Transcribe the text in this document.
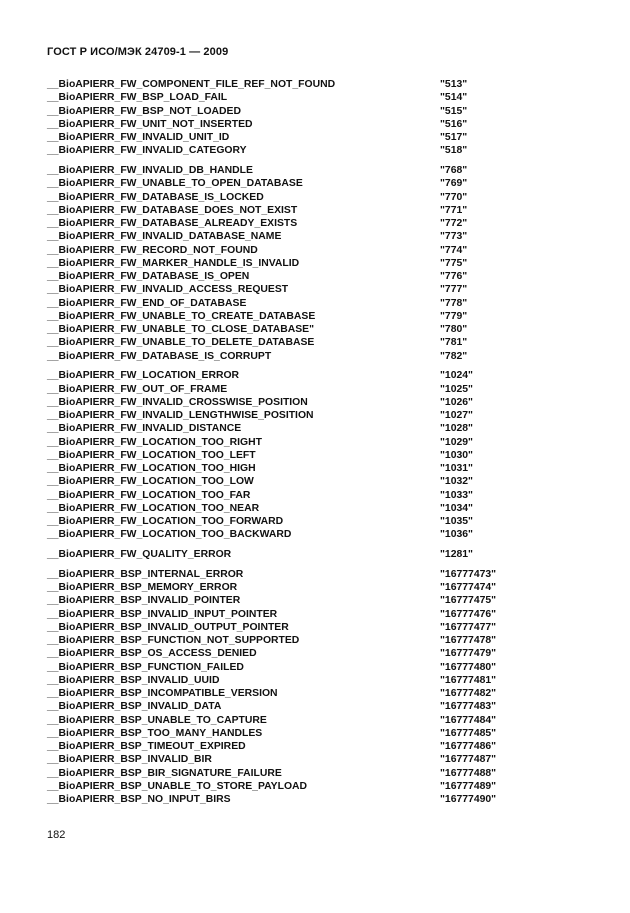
ГОСТ Р ИСО/МЭК 24709-1 — 2009
__BioAPIERR_FW_COMPONENT_FILE_REF_NOT_FOUND	"513"
__BioAPIERR_FW_BSP_LOAD_FAIL	"514"
__BioAPIERR_FW_BSP_NOT_LOADED	"515"
__BioAPIERR_FW_UNIT_NOT_INSERTED	"516"
__BioAPIERR_FW_INVALID_UNIT_ID	"517"
__BioAPIERR_FW_INVALID_CATEGORY	"518"
__BioAPIERR_FW_INVALID_DB_HANDLE	"768"
__BioAPIERR_FW_UNABLE_TO_OPEN_DATABASE	"769"
__BioAPIERR_FW_DATABASE_IS_LOCKED	"770"
__BioAPIERR_FW_DATABASE_DOES_NOT_EXIST	"771"
__BioAPIERR_FW_DATABASE_ALREADY_EXISTS	"772"
__BioAPIERR_FW_INVALID_DATABASE_NAME	"773"
__BioAPIERR_FW_RECORD_NOT_FOUND	"774"
__BioAPIERR_FW_MARKER_HANDLE_IS_INVALID	"775"
__BioAPIERR_FW_DATABASE_IS_OPEN	"776"
__BioAPIERR_FW_INVALID_ACCESS_REQUEST	"777"
__BioAPIERR_FW_END_OF_DATABASE	"778"
__BioAPIERR_FW_UNABLE_TO_CREATE_DATABASE	"779"
__BioAPIERR_FW_UNABLE_TO_CLOSE_DATABASE"	"780"
__BioAPIERR_FW_UNABLE_TO_DELETE_DATABASE	"781"
__BioAPIERR_FW_DATABASE_IS_CORRUPT	"782"
__BioAPIERR_FW_LOCATION_ERROR	"1024"
__BioAPIERR_FW_OUT_OF_FRAME	"1025"
__BioAPIERR_FW_INVALID_CROSSWISE_POSITION	"1026"
__BioAPIERR_FW_INVALID_LENGTHWISE_POSITION	"1027"
__BioAPIERR_FW_INVALID_DISTANCE	"1028"
__BioAPIERR_FW_LOCATION_TOO_RIGHT	"1029"
__BioAPIERR_FW_LOCATION_TOO_LEFT	"1030"
__BioAPIERR_FW_LOCATION_TOO_HIGH	"1031"
__BioAPIERR_FW_LOCATION_TOO_LOW	"1032"
__BioAPIERR_FW_LOCATION_TOO_FAR	"1033"
__BioAPIERR_FW_LOCATION_TOO_NEAR	"1034"
__BioAPIERR_FW_LOCATION_TOO_FORWARD	"1035"
__BioAPIERR_FW_LOCATION_TOO_BACKWARD	"1036"
__BioAPIERR_FW_QUALITY_ERROR	"1281"
__BioAPIERR_BSP_INTERNAL_ERROR	"16777473"
__BioAPIERR_BSP_MEMORY_ERROR	"16777474"
__BioAPIERR_BSP_INVALID_POINTER	"16777475"
__BioAPIERR_BSP_INVALID_INPUT_POINTER	"16777476"
__BioAPIERR_BSP_INVALID_OUTPUT_POINTER	"16777477"
__BioAPIERR_BSP_FUNCTION_NOT_SUPPORTED	"16777478"
__BioAPIERR_BSP_OS_ACCESS_DENIED	"16777479"
__BioAPIERR_BSP_FUNCTION_FAILED	"16777480"
__BioAPIERR_BSP_INVALID_UUID	"16777481"
__BioAPIERR_BSP_INCOMPATIBLE_VERSION	"16777482"
__BioAPIERR_BSP_INVALID_DATA	"16777483"
__BioAPIERR_BSP_UNABLE_TO_CAPTURE	"16777484"
__BioAPIERR_BSP_TOO_MANY_HANDLES	"16777485"
__BioAPIERR_BSP_TIMEOUT_EXPIRED	"16777486"
__BioAPIERR_BSP_INVALID_BIR	"16777487"
__BioAPIERR_BSP_BIR_SIGNATURE_FAILURE	"16777488"
__BioAPIERR_BSP_UNABLE_TO_STORE_PAYLOAD	"16777489"
__BioAPIERR_BSP_NO_INPUT_BIRS	"16777490"
182
